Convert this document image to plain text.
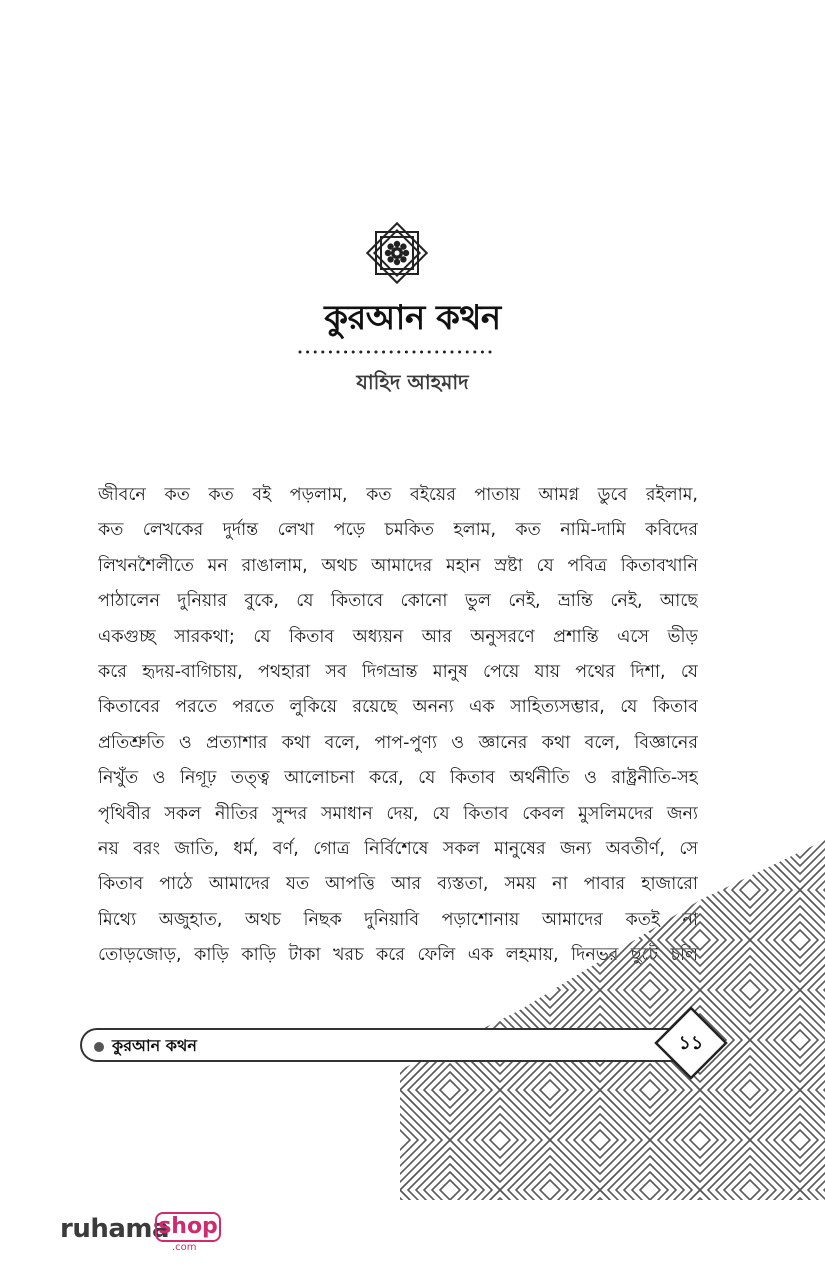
কুরআন কথন
যাহিদ আহমাদ
জীবনে কত কত বই পড়লাম, কত বইয়ের পাতায় আমগ্ন ডুবে রইলাম,
কত লেখকের দুর্দান্ত লেখা পড়ে চমকিত হলাম, কত নামি-দামি কবিদের
লিখনশৈলীতে মন রাঙালাম, অথচ আমাদের মহান স্রষ্টা যে পবিত্র কিতাবখানি
পাঠালেন দুনিয়ার বুকে, যে কিতাবে কোনো ভুল নেই, ভ্রান্তি নেই, আছে
একগুচ্ছ সারকথা; যে কিতাব অধ্যয়ন আর অনুসরণে প্রশান্তি এসে ভীড়
করে হৃদয়-বাগিচায়, পথহারা সব দিগভ্রান্ত মানুষ পেয়ে যায় পথের দিশা, যে
কিতাবের পরতে পরতে লুকিয়ে রয়েছে অনন্য এক সাহিত্যসম্ভার, যে কিতাব
প্রতিশ্রুতি ও প্রত্যাশার কথা বলে, পাপ-পুণ্য ও জ্ঞানের কথা বলে, বিজ্ঞানের
নিখুঁত ও নিগূঢ় তত্ত্ব আলোচনা করে, যে কিতাব অর্থনীতি ও রাষ্ট্রনীতি-সহ
পৃথিবীর সকল নীতির সুন্দর সমাধান দেয়, যে কিতাব কেবল মুসলিমদের জন্য
নয় বরং জাতি, ধর্ম, বর্ণ, গোত্র নির্বিশেষে সকল মানুষের জন্য অবতীর্ণ, সে
কিতাব পাঠে আমাদের যত আপত্তি আর ব্যস্ততা, সময় না পাবার হাজারো
মিথ্যে অজুহাত, অথচ নিছক দুনিয়াবি পড়াশোনায় আমাদের কতই না
তোড়জোড়, কাড়ি কাড়ি টাকা খরচ করে ফেলি এক লহমায়, দিনভর ছুটে চলি
কুরআন কথন	১১
ruhama
shop
.com
